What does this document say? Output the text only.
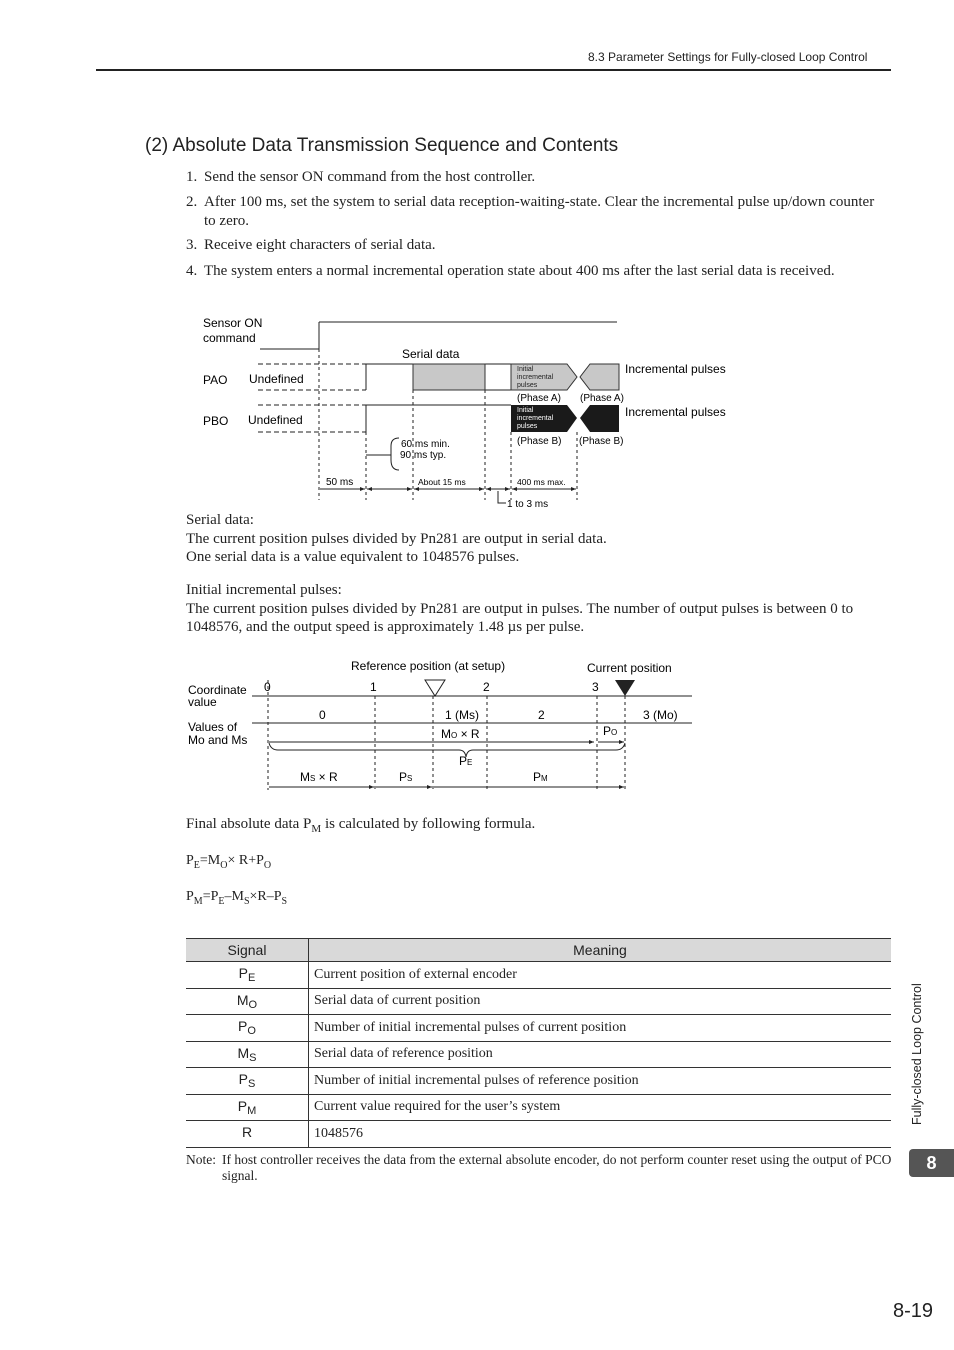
8.3 Parameter Settings for Fully-closed Loop Control
(2) Absolute Data Transmission Sequence and Contents
1. Send the sensor ON command from the host controller.
2. After 100 ms, set the system to serial data reception-waiting-state. Clear the incremental pulse up/down counter to zero.
3. Receive eight characters of serial data.
4. The system enters a normal incremental operation state about 400 ms after the last serial data is received.
Sensor ON
command
Serial data
PAO Undefined
PBO Undefined
Initial
incremental
pulses
Initial
incremental
pulses
Incremental pulses
Incremental pulses
(Phase A) (Phase A)
(Phase B) (Phase B)
60 ms min.
90 ms typ.
50 ms	About 15 ms	400 ms max.
1 to 3 ms
Serial data:
The current position pulses divided by Pn281 are output in serial data.
One serial data is a value equivalent to 1048576 pulses.
Initial incremental pulses:
The current position pulses divided by Pn281 are output in pulses. The number of output pulses is between 0 to 1048576, and the output speed is approximately 1.48 µs per pulse.
Reference position (at setup)	Current position
Coordinate
value
Values of
Mo and Ms
0	1	2	3
0	1 (Ms)	2	3 (Mo)
MO × R	PO
PE
MS × R	PS	PM
Final absolute data $P_M$ is calculated by following formula.
$P_E=M_O\times R+P_O$
$P_M=P_E-M_S\times R-P_S$
Signal	Meaning
$P_E$	Current position of external encoder
$M_O$	Serial data of current position
$P_O$	Number of initial incremental pulses of current position
$M_S$	Serial data of reference position
$P_S$	Number of initial incremental pulses of reference position
$P_M$	Current value required for the user’s system
R	1048576
Note: If host controller receives the data from the external absolute encoder, do not perform counter reset using the output of PCO signal.
Fully-closed Loop Control
8
8-19
